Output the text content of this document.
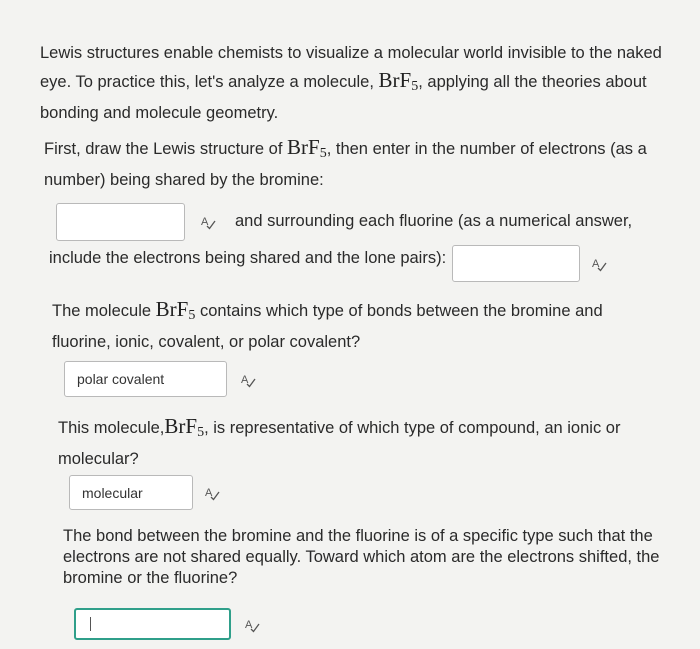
Lewis structures enable chemists to visualize a molecular world invisible to the naked
eye. To practice this, let's analyze a molecule, BrF$_5$, applying all the theories about
bonding and molecule geometry.
First, draw the Lewis structure of BrF$_5$, then enter in the number of electrons (as a
number) being shared by the bromine:
A and surrounding each fluorine (as a numerical answer,
include the electrons being shared and the lone pairs):	A
The molecule BrF$_5$ contains which type of bonds between the bromine and
fluorine, ionic, covalent, or polar covalent?
polar covalent	A
This molecule,BrF$_5$, is representative of which type of compound, an ionic or
molecular?
molecular	A
The bond between the bromine and the fluorine is of a specific type such that the
electrons are not shared equally. Toward which atom are the electrons shifted, the
bromine or the fluorine?
A
